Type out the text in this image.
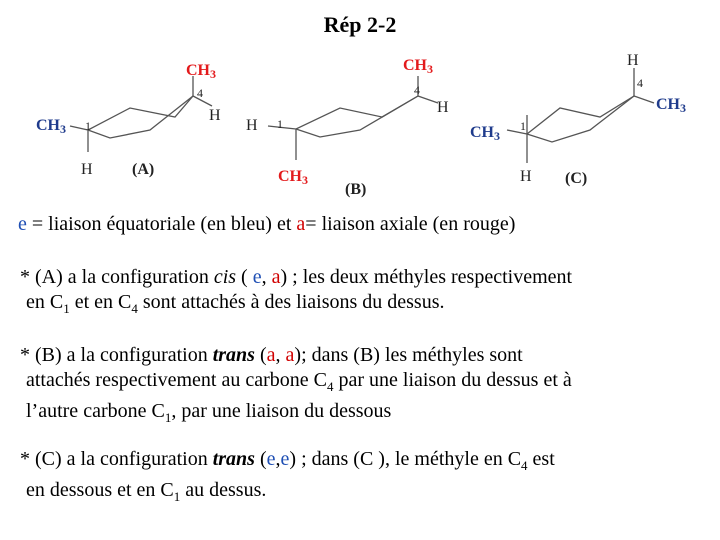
Rép 2-2
CH3
4
H
CH3 1
H (A)
CH3
4
H
H 1
CH3
(B)
H
4
CH3
1
CH3
H (C)
e = liaison équatoriale (en bleu) et a= liaison axiale (en rouge)
* (A) a la configuration cis ( e, a) ; les deux méthyles respectivement
en $C_1$ et en $C_4$ sont attachés à des liaisons du dessus.
* (B) a la configuration trans (a, a); dans (B) les méthyles sont
attachés respectivement au carbone $C_4$ par une liaison du dessus et à
l’autre carbone $C_1$, par une liaison du dessous
* (C) a la configuration trans (e,e) ; dans (C ), le méthyle en $C_4$ est
en dessous et en $C_1$ au dessus.
